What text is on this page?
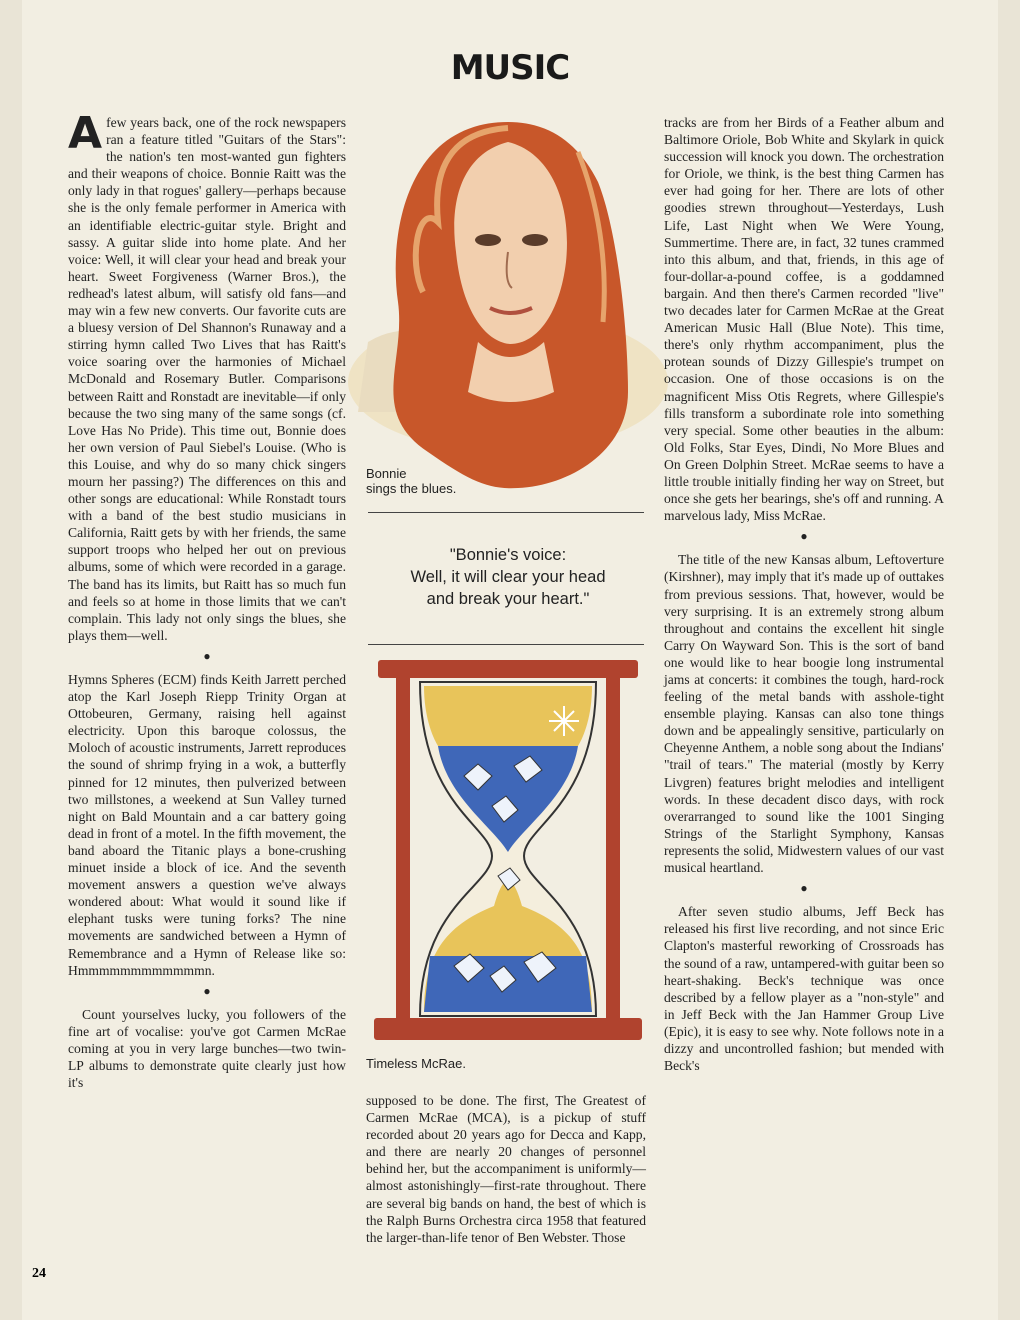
MUSIC

Afew years back, one of the rock newspapers ran a feature titled "Guitars of the Stars": the nation's ten most-wanted gun fighters and their weapons of choice. Bonnie Raitt was the only lady in that rogues' gallery—perhaps because she is the only female performer in America with an identifiable electric-guitar style. Bright and sassy. A guitar slide into home plate. And her voice: Well, it will clear your head and break your heart. Sweet Forgiveness (Warner Bros.), the redhead's latest album, will satisfy old fans—and may win a few new converts. Our favorite cuts are a bluesy version of Del Shannon's Runaway and a stirring hymn called Two Lives that has Raitt's voice soaring over the harmonies of Michael McDonald and Rosemary Butler. Comparisons between Raitt and Ronstadt are inevitable—if only because the two sing many of the same songs (cf. Love Has No Pride). This time out, Bonnie does her own version of Paul Siebel's Louise. (Who is this Louise, and why do so many chick singers mourn her passing?) The differences on this and other songs are educational: While Ronstadt tours with a band of the best studio musicians in California, Raitt gets by with her friends, the same support troops who helped her out on previous albums, some of which were recorded in a garage. The band has its limits, but Raitt has so much fun and feels so at home in those limits that we can't complain. This lady not only sings the blues, she plays them—well.

●

Hymns Spheres (ECM) finds Keith Jarrett perched atop the Karl Joseph Riepp Trinity Organ at Ottobeuren, Germany, raising hell against electricity. Upon this baroque colossus, the Moloch of acoustic instruments, Jarrett reproduces the sound of shrimp frying in a wok, a butterfly pinned for 12 minutes, then pulverized between two millstones, a weekend at Sun Valley turned night on Bald Mountain and a car battery going dead in front of a motel. In the fifth movement, the band aboard the Titanic plays a bone-crushing minuet inside a block of ice. And the seventh movement answers a question we've always wondered about: What would it sound like if elephant tusks were tuning forks? The nine movements are sandwiched between a Hymn of Remembrance and a Hymn of Release like so: Hmmmmmmmmmmmmn.

●

Count yourselves lucky, you followers of the fine art of vocalise: you've got Carmen McRae coming at you in very large bunches—two twin-LP albums to demonstrate quite clearly just how it's

Bonnie
sings the blues.
"Bonnie's voice:
Well, it will clear your head
and break your heart."
Timeless McRae.

supposed to be done. The first, The Greatest of Carmen McRae (MCA), is a pickup of stuff recorded about 20 years ago for Decca and Kapp, and there are nearly 20 changes of personnel behind her, but the accompaniment is uniformly—almost astonishingly—first-rate throughout. There are several big bands on hand, the best of which is the Ralph Burns Orchestra circa 1958 that featured the larger-than-life tenor of Ben Webster. Those

tracks are from her Birds of a Feather album and Baltimore Oriole, Bob White and Skylark in quick succession will knock you down. The orchestration for Oriole, we think, is the best thing Carmen has ever had going for her. There are lots of other goodies strewn throughout—Yesterdays, Lush Life, Last Night when We Were Young, Summertime. There are, in fact, 32 tunes crammed into this album, and that, friends, in this age of four-dollar-a-pound coffee, is a goddamned bargain. And then there's Carmen recorded "live" two decades later for Carmen McRae at the Great American Music Hall (Blue Note). This time, there's only rhythm accompaniment, plus the protean sounds of Dizzy Gillespie's trumpet on occasion. One of those occasions is on the magnificent Miss Otis Regrets, where Gillespie's fills transform a subordinate role into something very special. Some other beauties in the album: Old Folks, Star Eyes, Dindi, No More Blues and On Green Dolphin Street. McRae seems to have a little trouble initially finding her way on Street, but once she gets her bearings, she's off and running. A marvelous lady, Miss McRae.

●

The title of the new Kansas album, Leftoverture (Kirshner), may imply that it's made up of outtakes from previous sessions. That, however, would be very surprising. It is an extremely strong album throughout and contains the excellent hit single Carry On Wayward Son. This is the sort of band one would like to hear boogie long instrumental jams at concerts: it combines the tough, hard-rock feeling of the metal bands with asshole-tight ensemble playing. Kansas can also tone things down and be appealingly sensitive, particularly on Cheyenne Anthem, a noble song about the Indians' "trail of tears." The material (mostly by Kerry Livgren) features bright melodies and intelligent words. In these decadent disco days, with rock overarranged to sound like the 1001 Singing Strings of the Starlight Symphony, Kansas represents the solid, Midwestern values of our vast musical heartland.

●

After seven studio albums, Jeff Beck has released his first live recording, and not since Eric Clapton's masterful reworking of Crossroads has the sound of a raw, untampered-with guitar been so heart-shaking. Beck's technique was once described by a fellow player as a "non-style" and in Jeff Beck with the Jan Hammer Group Live (Epic), it is easy to see why. Note follows note in a dizzy and uncontrolled fashion; but mended with Beck's

24
